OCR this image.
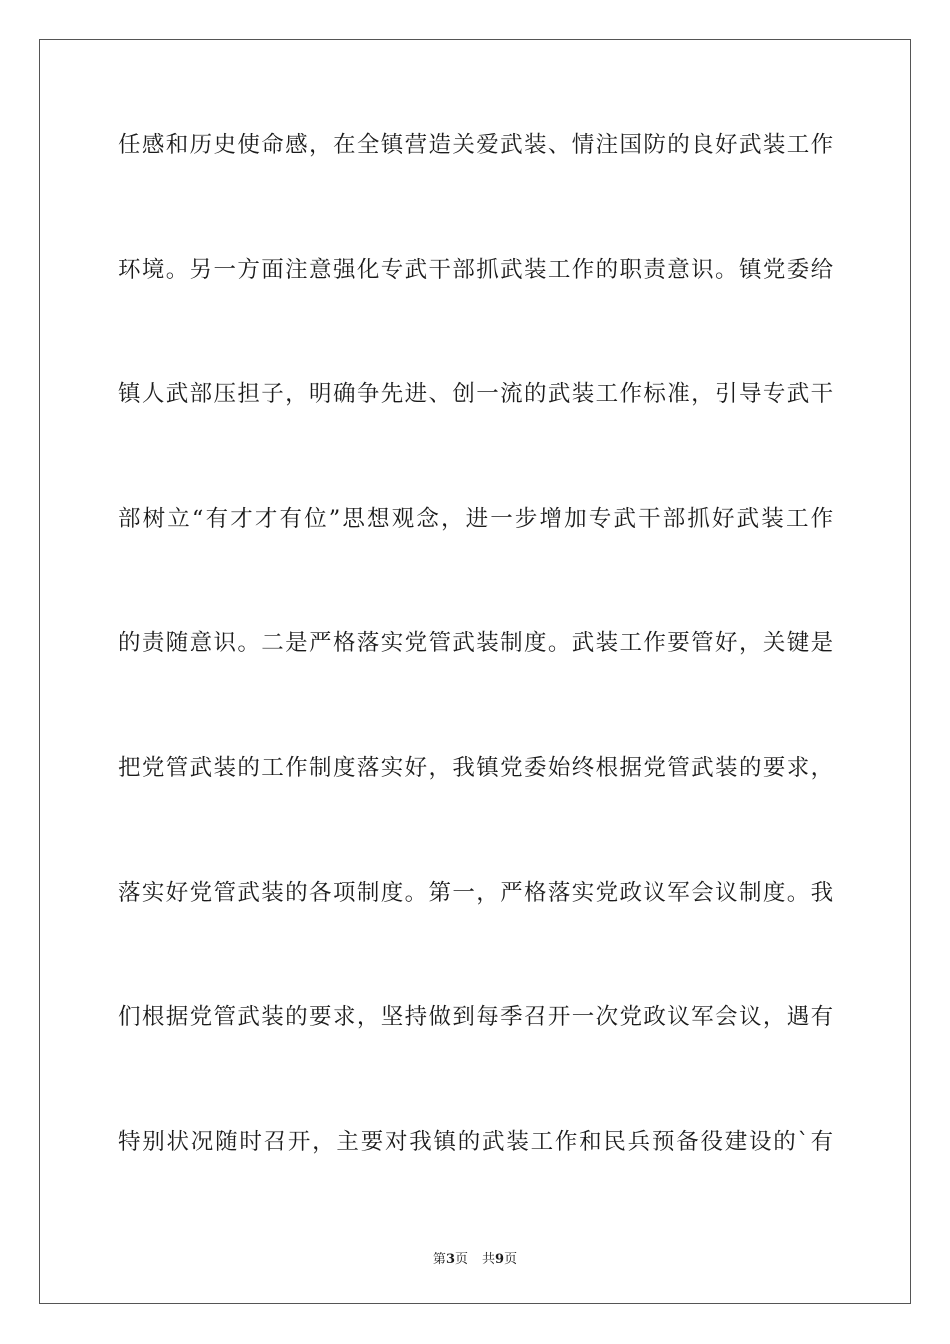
任感和历史使命感，在全镇营造关爱武装、情注国防的良好武装工作
环境。另一方面注意强化专武干部抓武装工作的职责意识。镇党委给
镇人武部压担子，明确争先进、创一流的武装工作标准，引导专武干
部树立“有才才有位”思想观念，进一步增加专武干部抓好武装工作
的责随意识。二是严格落实党管武装制度。武装工作要管好，关键是
把党管武装的工作制度落实好，我镇党委始终根据党管武装的要求，
落实好党管武装的各项制度。第一，严格落实党政议军会议制度。我
们根据党管武装的要求，坚持做到每季召开一次党政议军会议，遇有
特别状况随时召开，主要对我镇的武装工作和民兵预备役建设的`有
第3页 共9页
